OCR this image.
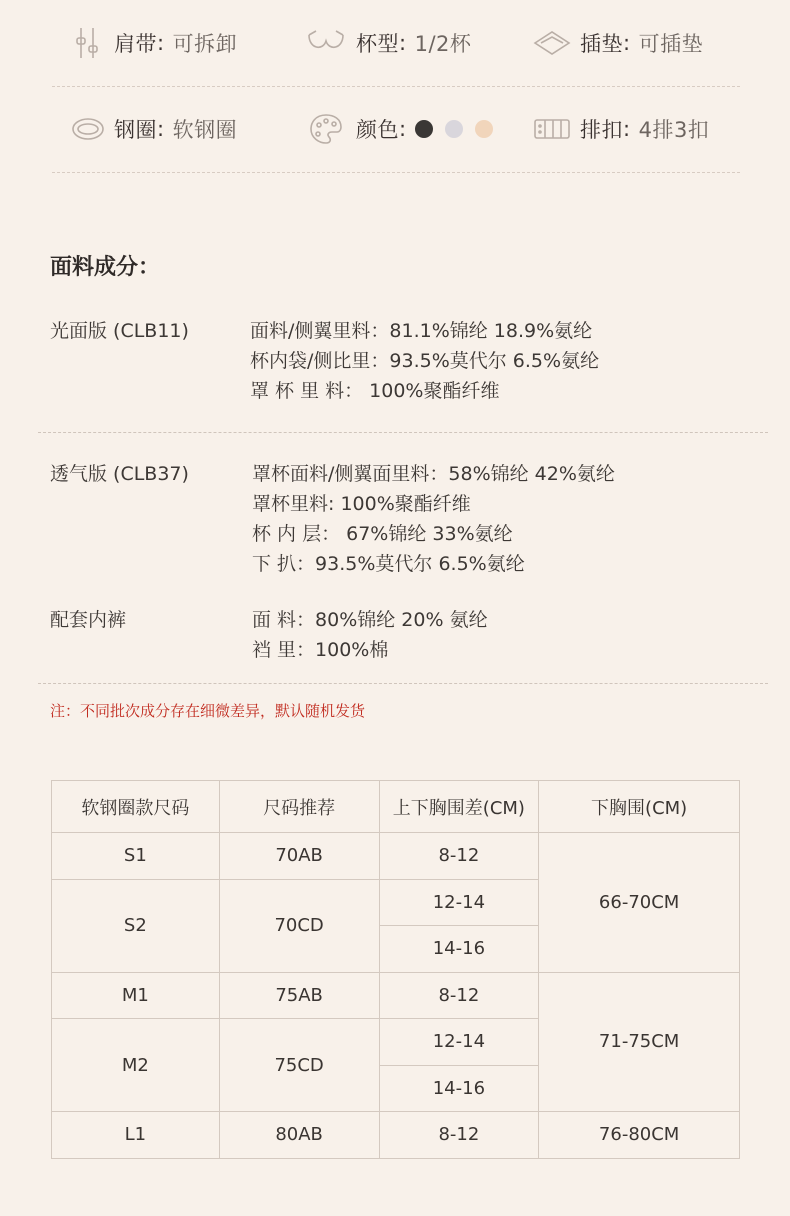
肩带 : 可拆卸	杯型 : 1/2杯	插垫 : 可插垫
钢圈 : 软钢圈	颜色 :	排扣 : 4排3扣
面料成分：
光面版 (CLB11)	面料/侧翼里料：81.1%锦纶 18.9%氨纶
杯内袋/侧比里：93.5%莫代尔 6.5%氨纶
罩 杯 里 料： 100%聚酯纤维
透气版 (CLB37)	罩杯面料/侧翼面里料：58%锦纶 42%氨纶
罩杯里料: 100%聚酯纤维
杯 内 层： 67%锦纶 33%氨纶
下 扒：93.5%莫代尔 6.5%氨纶
配套内裤	面 料：80%锦纶 20% 氨纶
裆 里：100%棉
注：不同批次成分存在细微差异，默认随机发货
软钢圈款尺码	尺码推荐	上下胸围差(CM)	下胸围(CM)
S1	70AB	8-12	66-70CM
S2	70CD	12-14	
		14-16	
M1	75AB	8-12	71-75CM
M2	75CD	12-14	
		14-16	
L1	80AB	8-12	76-80CM
